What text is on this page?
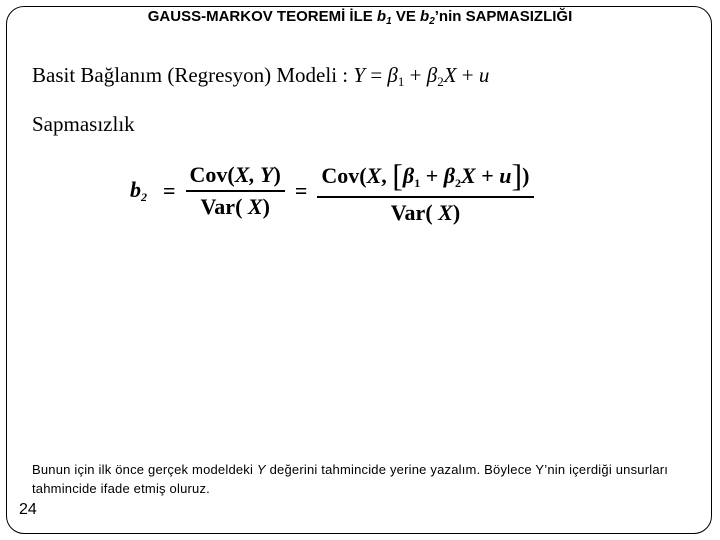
GAUSS-MARKOV TEOREMİ İLE $b_1$ VE $b_2’nin$ SAPMASIZLIĞI
Basit Bağlanım (Regresyon) Modeli : $Y = \beta_1 + \beta_2X + u$
Sapmasızlık
$b_2 = \frac{\text{Cov(X, Y)}}{\text{Var( X)}} = \frac{Cov(X, [\beta_1 + \beta_2X + u])}{\text{Var( X)}}$
Bunun için ilk önce gerçek modeldeki Y değerini tahmincide yerine yazalım. Böylece Y’nin içerdiği unsurları tahmincide ifade etmiş oluruz.
24
